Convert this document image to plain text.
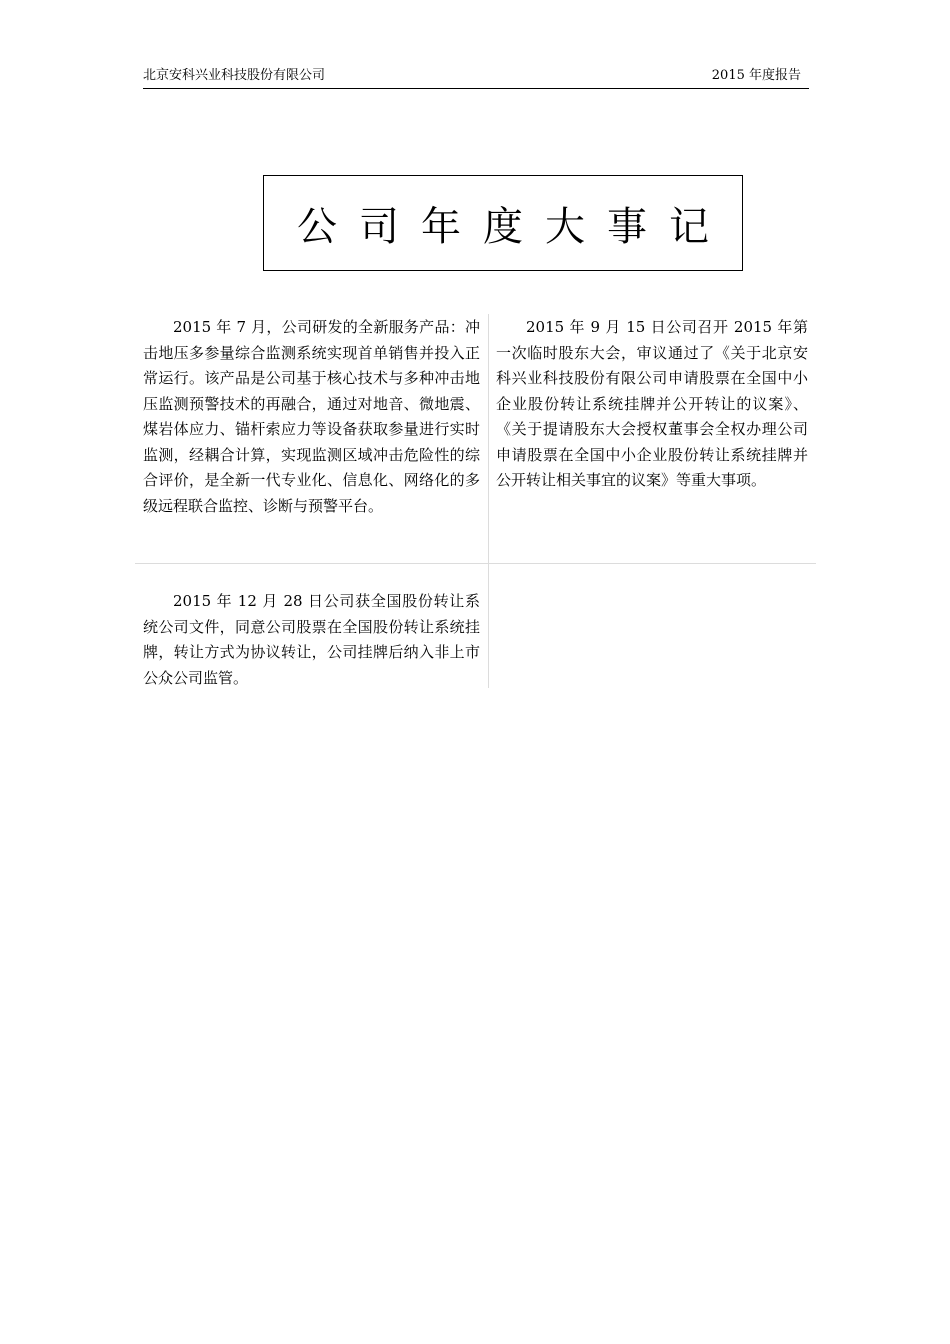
北京安科兴业科技股份有限公司	2015 年度报告
公司年度大事记

2015 年 7 月，公司研发的全新服务产品：冲击地压多参量综合监测系统实现首单销售并投入正常运行。该产品是公司基于核心技术与多种冲击地压监测预警技术的再融合，通过对地音、微地震、煤岩体应力、锚杆索应力等设备获取参量进行实时监测，经耦合计算，实现监测区域冲击危险性的综合评价，是全新一代专业化、信息化、网络化的多级远程联合监控、诊断与预警平台。

2015 年 9 月 15 日公司召开 2015 年第一次临时股东大会，审议通过了《关于北京安科兴业科技股份有限公司申请股票在全国中小企业股份转让系统挂牌并公开转让的议案》、《关于提请股东大会授权董事会全权办理公司申请股票在全国中小企业股份转让系统挂牌并公开转让相关事宜的议案》等重大事项。

2015 年 12 月 28 日公司获全国股份转让系统公司文件，同意公司股票在全国股份转让系统挂牌，转让方式为协议转让，公司挂牌后纳入非上市公众公司监管。
